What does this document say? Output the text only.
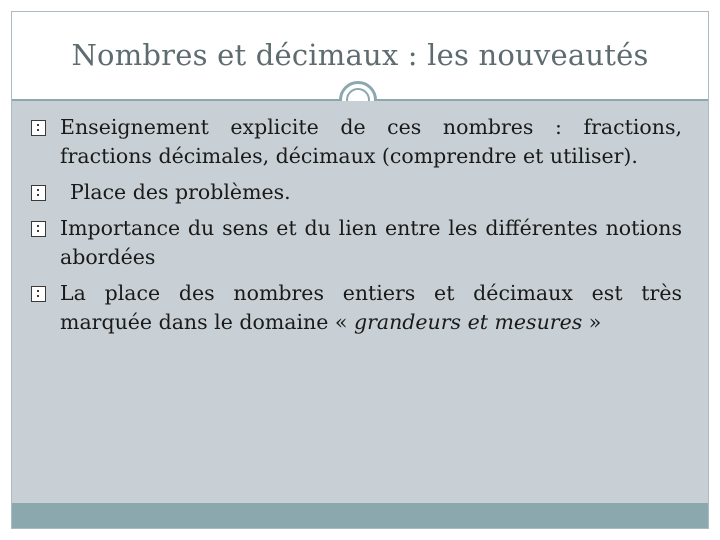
Nombres et décimaux : les nouveautés
Enseignement explicite de ces nombres : fractions, fractions décimales, décimaux (comprendre et utiliser).
Place des problèmes.
Importance du sens et du lien entre les différentes notions abordées
La place des nombres entiers et décimaux est très marquée dans le domaine « grandeurs et mesures »
